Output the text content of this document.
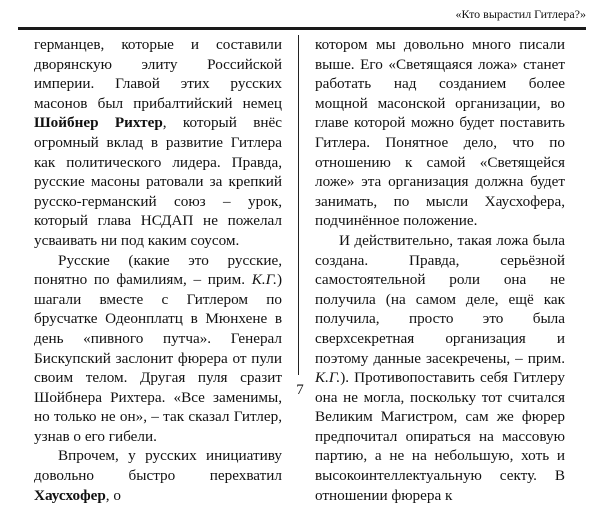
«Кто вырастил Гитлера?»

германцев, которые и составили дворянскую элиту Российской империи. Главой этих русских масонов был прибалтийский немец Шойбнер Рихтер, который внёс огромный вклад в развитие Гитлера как политического лидера. Правда, русские масоны ратовали за крепкий русско-германский союз – урок, который глава НСДАП не пожелал усваивать ни под каким соусом.

Русские (какие это русские, понятно по фамилиям, – прим. К.Г.) шагали вместе с Гитлером по брусчатке Одеонплатц в Мюнхене в день «пивного путча». Генерал Бискупский заслонит фюрера от пули своим телом. Другая пуля сразит Шойбнера Рихтера. «Все заменимы, но только не он», – так сказал Гитлер, узнав о его гибели.

Впрочем, у русских инициативу довольно быстро перехватил Хаусхофер, о

котором мы довольно много писали выше. Его «Светящаяся ложа» станет работать над созданием более мощной масонской организации, во главе которой можно будет поставить Гитлера. Понятное дело, что по отношению к самой «Светящейся ложе» эта организация должна будет занимать, по мысли Хаусхофера, подчинённое положение.

И действительно, такая ложа была создана. Правда, серьёзной самостоятельной роли она не получила (на самом деле, ещё как получила, просто это была сверхсекретная организация и поэтому данные засекречены, – прим. К.Г.). Противопоставить себя Гитлеру она не могла, поскольку тот считался Великим Магистром, сам же фюрер предпочитал опираться на массовую партию, а не на небольшую, хоть и высокоинтеллектуальную секту. В отношении фюрера к

7
